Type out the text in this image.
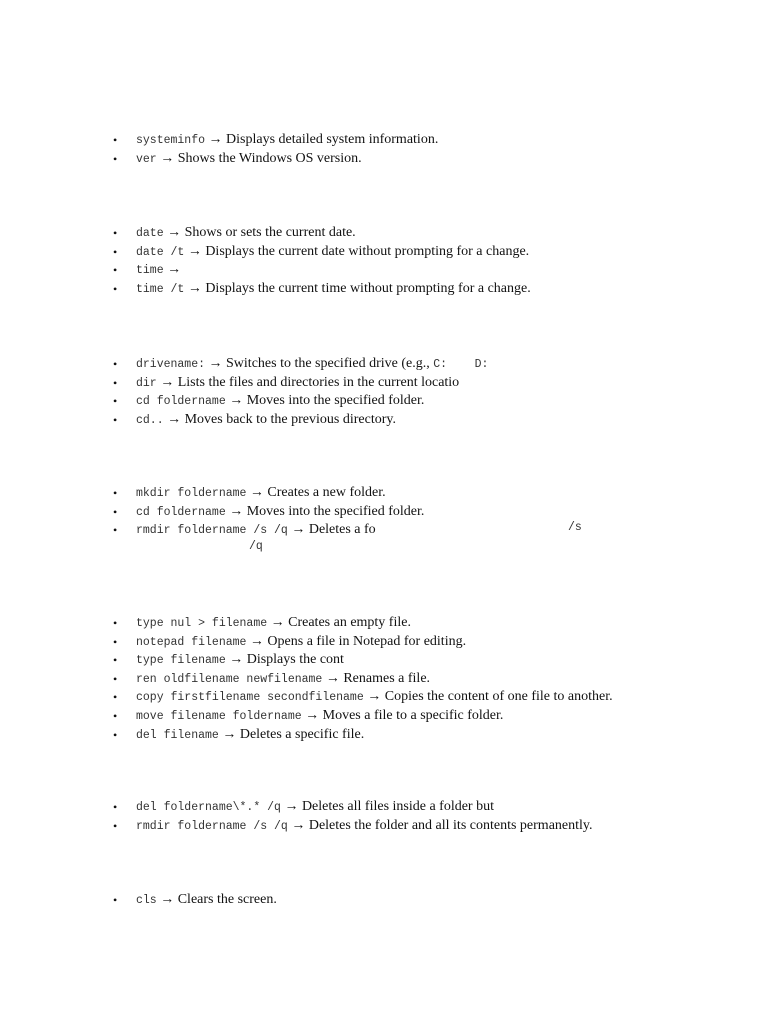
• systeminfo → Displays detailed system information.
• ver → Shows the Windows OS version.
• date → Shows or sets the current date.
• date /t → Displays the current date without prompting for a change.
• time →
• time /t → Displays the current time without prompting for a change.
• drivename: → Switches to the specified drive (e.g., C:    D:
• dir → Lists the files and directories in the current locatio
• cd foldername → Moves into the specified folder.
• cd.. → Moves back to the previous directory.
• mkdir foldername → Creates a new folder.
• cd foldername → Moves into the specified folder.
• rmdir foldername /s /q → Deletes a fo	/s
/q
• type nul > filename → Creates an empty file.
• notepad filename → Opens a file in Notepad for editing.
• type filename → Displays the cont
• ren oldfilename newfilename → Renames a file.
• copy firstfilename secondfilename → Copies the content of one file to another.
• move filename foldername → Moves a file to a specific folder.
• del filename → Deletes a specific file.
• del foldername\*.* /q → Deletes all files inside a folder but
• rmdir foldername /s /q → Deletes the folder and all its contents permanently.
• cls → Clears the screen.
